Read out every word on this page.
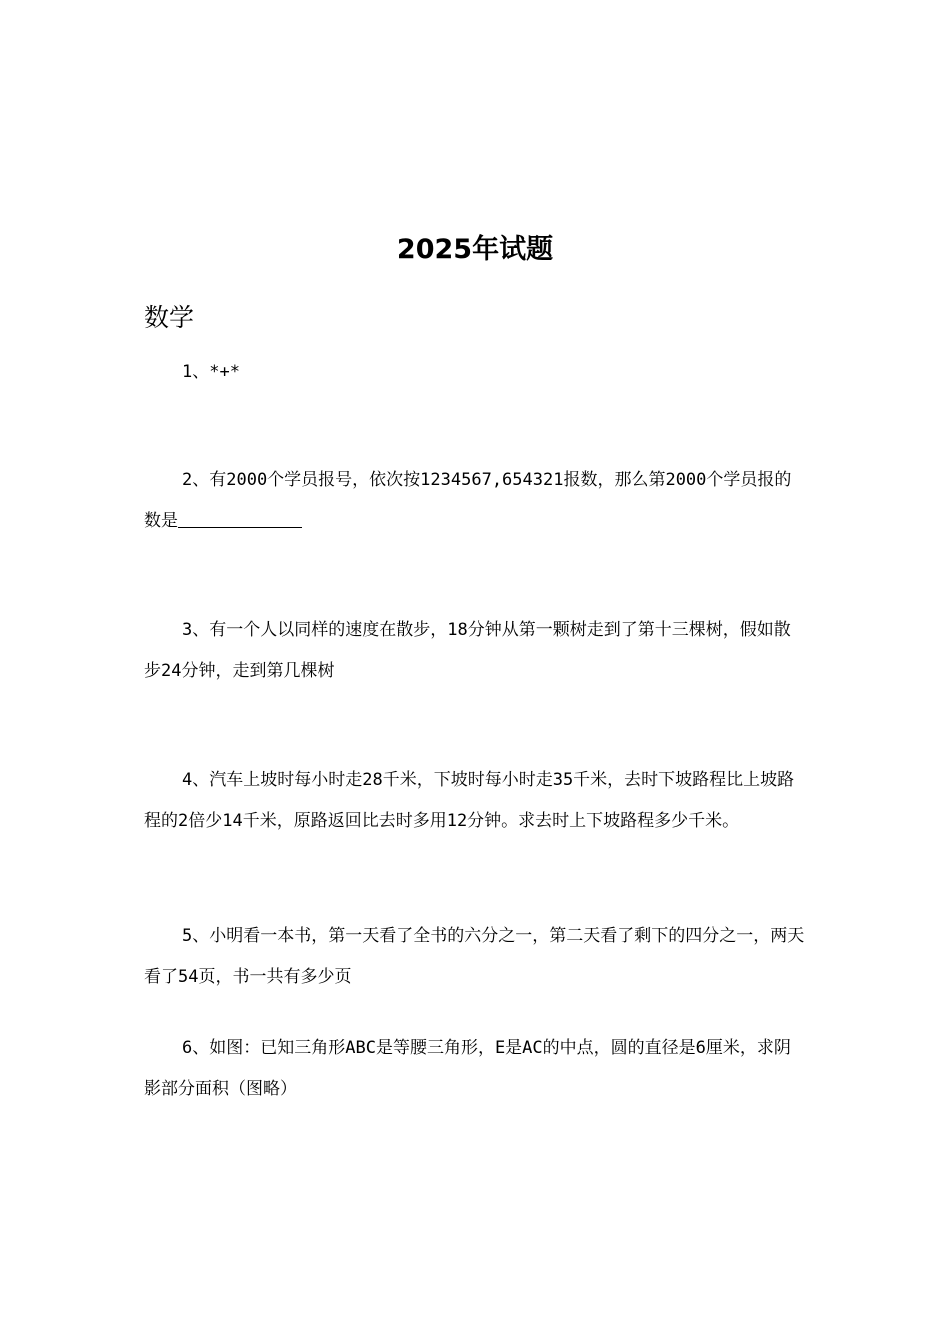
2025年试题
数学

1、*+*

2、有2000个学员报号，依次按1234567,654321报数，那么第2000个学员报的数是

3、有一个人以同样的速度在散步，18分钟从第一颗树走到了第十三棵树，假如散步24分钟，走到第几棵树

4、汽车上坡时每小时走28千米，下坡时每小时走35千米，去时下坡路程比上坡路程的2倍少14千米，原路返回比去时多用12分钟。求去时上下坡路程多少千米。

5、小明看一本书，第一天看了全书的六分之一，第二天看了剩下的四分之一，两天看了54页，书一共有多少页

6、如图：已知三角形ABC是等腰三角形，E是AC的中点，圆的直径是6厘米，求阴影部分面积（图略）
